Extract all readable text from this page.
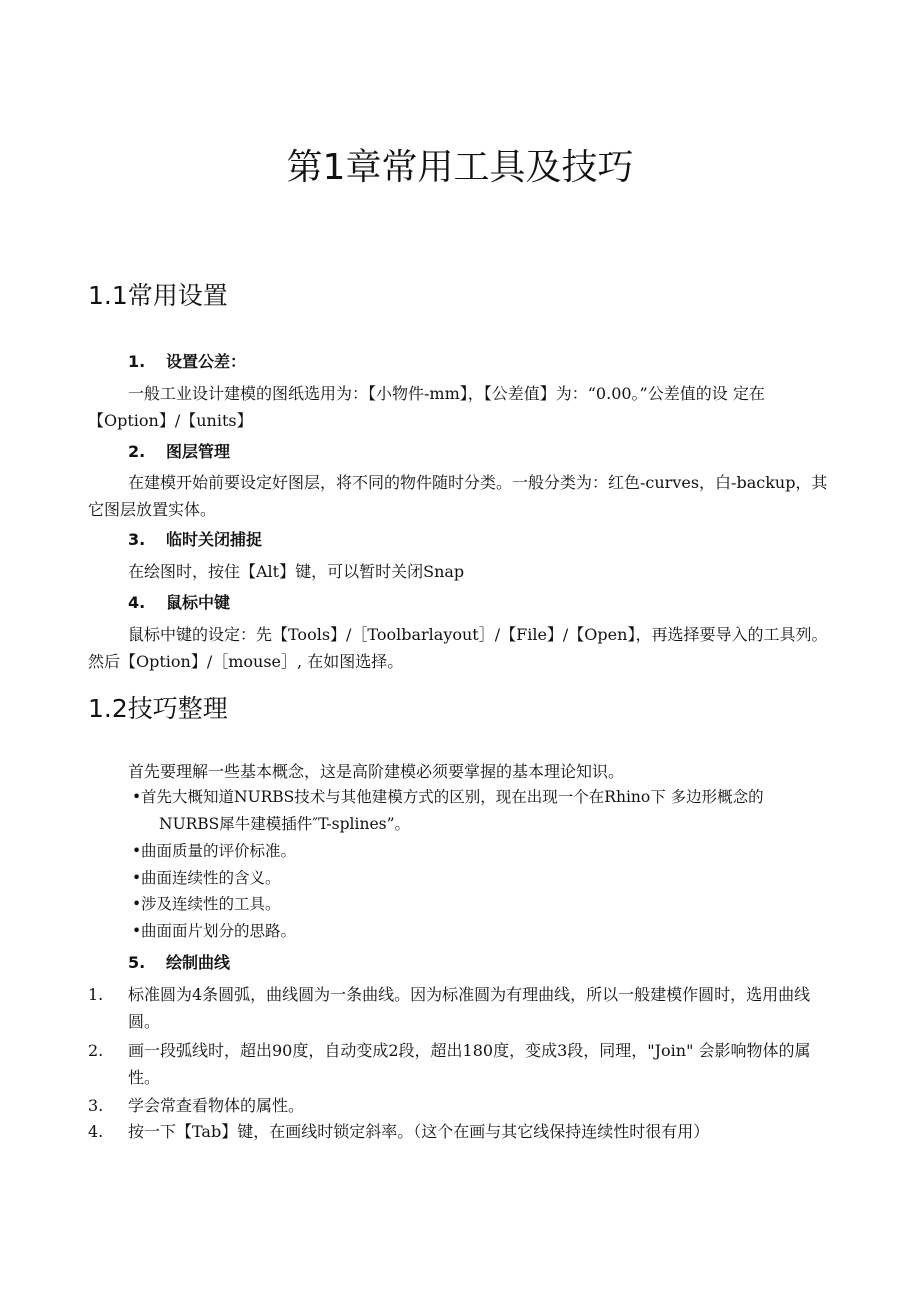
第1章常用工具及技巧
1.1常用设置
1. 设置公差：
一般工业设计建模的图纸选用为：【小物件-mm】，【公差值】为：“0.00。”公差值的设 定在【Option】/【units】
2. 图层管理
在建模开始前要设定好图层，将不同的物件随时分类。一般分类为：红色-curves，白-backup，其它图层放置实体。
3. 临时关闭捕捉
在绘图时，按住【Alt】键，可以暂时关闭Snap
4. 鼠标中键
鼠标中键的设定：先【Tools】/［Toolbarlayout］/【File】/【Open】，再选择要导入的工具列。然后【Option】/［mouse］, 在如图选择。
1.2技巧整理
首先要理解一些基本概念，这是高阶建模必须要掌握的基本理论知识。
•首先大概知道NURBS技术与其他建模方式的区别，现在出现一个在Rhino下 多边形概念的
NURBS犀牛建模插件″T-splines”。
•曲面质量的评价标准。
•曲面连续性的含义。
•涉及连续性的工具。
•曲面面片划分的思路。
5. 绘制曲线
1.	标准圆为4条圆弧，曲线圆为一条曲线。因为标准圆为有理曲线，所以一般建模作圆时，选用曲线圆。
2.	画一段弧线时，超出90度，自动变成2段，超出180度，变成3段，同理，"Join" 会影响物体的属性。
3.	学会常查看物体的属性。
4.	按一下【Tab】键，在画线时锁定斜率。（这个在画与其它线保持连续性时很有用）
